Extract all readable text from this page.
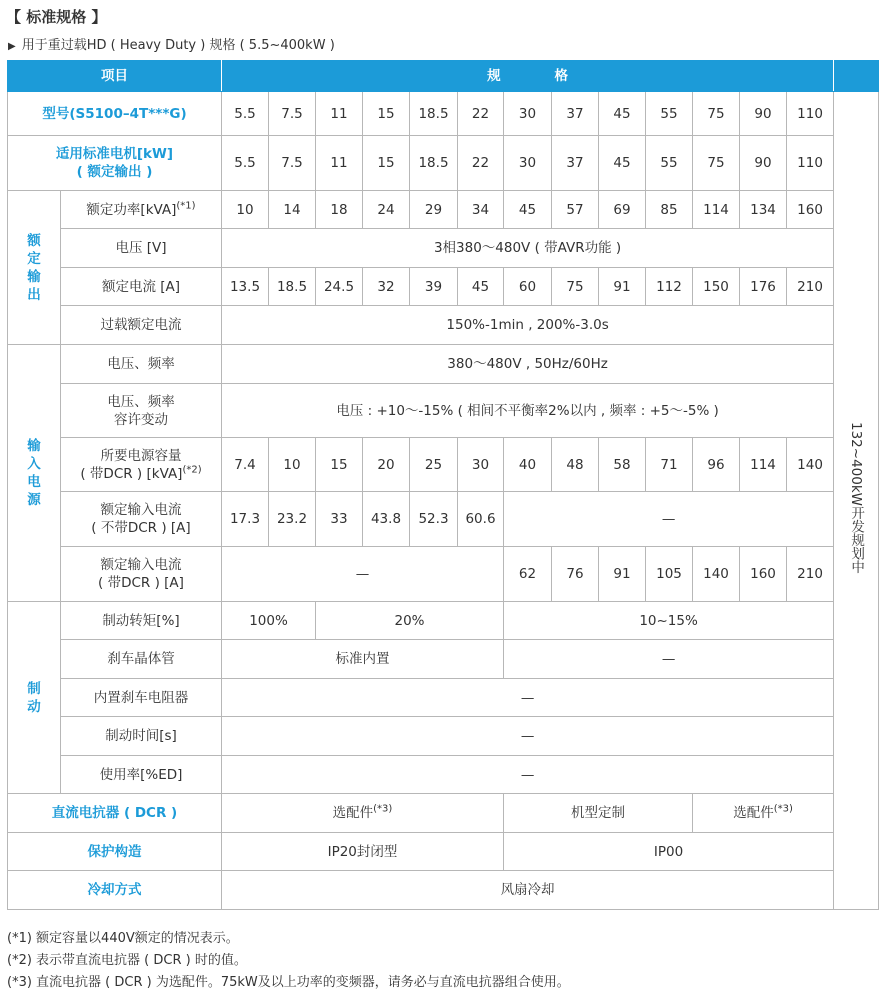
【 标准规格 】
▶ 用于重过载HD ( Heavy Duty ) 规格 ( 5.5~400kW )
项目		规　　　　格													
型号(S5100–4T***G)		5.5	7.5	11	15	18.5	22	30	37	45	55	75	90	110	132~400kW开发规划中

适用标准电机[kW]
( 额定输出 )		5.5	7.5	11	15	18.5	22	30	37	45	55	75	90	110	

额
定
输
出	额定功率[kVA]$^{(*1)}$	10	14	18	24	29	34	45	57	69	85	114	134	160	
	电压 [V]	3相380～480V ( 带AVR功能 )													
	额定电流 [A]	13.5	18.5	24.5	32	39	45	60	75	91	112	150	176	210	
	过载额定电流	150%-1min , 200%-3.0s													

输
入
电
源	电压、频率	380～480V , 50Hz/60Hz													

	电压、频率
容许变动	电压 : +10～-15% ( 相间不平衡率2%以内 , 频率 : +5～-5% )													

	所要电源容量
( 带DCR ) [kVA]$^{(*2)}$	7.4	10	15	20	25	30	40	48	58	71	96	114	140	

	额定输入电流
( 不带DCR ) [A]	17.3	23.2	33	43.8	52.3	60.6	—							

	额定输入电流
( 带DCR ) [A]	—						62	76	91	105	140	160	210	

制
动	制动转矩[%]	100%		20%				10~15%							
	刹车晶体管	标准内置						—							
	内置刹车电阻器	—													
	制动时间[s]	—													
	使用率[%ED]	—													
直流电抗器 ( DCR )		选配件$^{(*3)}$						机型定制				选配件$^{(*3)}$
保护构造		IP20封闭型						IP00							
冷却方式		风扇冷却													
(*1) 额定容量以440V额定的情况表示。
(*2) 表示带直流电抗器 ( DCR ) 时的值。
(*3) 直流电抗器 ( DCR ) 为选配件。75kW及以上功率的变频器，请务必与直流电抗器组合使用。
